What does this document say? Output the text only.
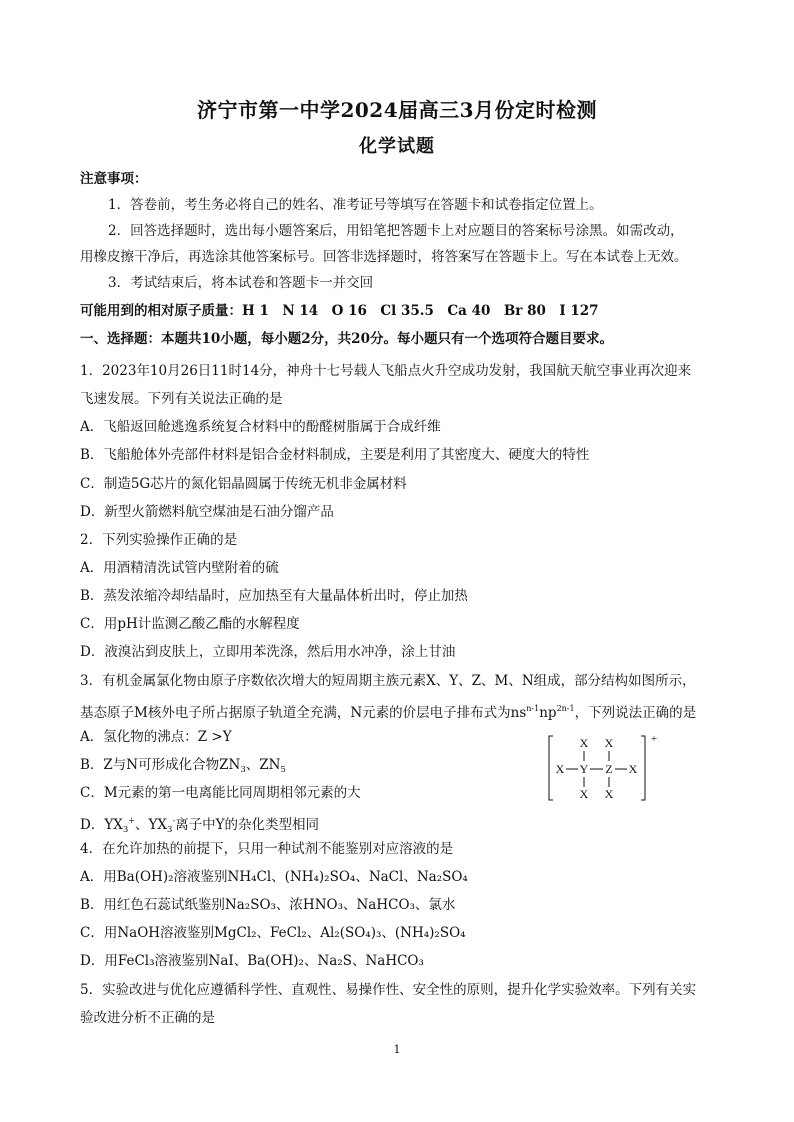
济宁市第一中学2024届高三3月份定时检测
化学试题
注意事项：
1．答卷前，考生务必将自己的姓名、准考证号等填写在答题卡和试卷指定位置上。
2．回答选择题时，选出每小题答案后，用铅笔把答题卡上对应题目的答案标号涂黑。如需改动，
用橡皮擦干净后，再选涂其他答案标号。回答非选择题时，将答案写在答题卡上。写在本试卷上无效。
3．考试结束后，将本试卷和答题卡一并交回
可能用到的相对原子质量：H 1　N 14　O 16　Cl 35.5　Ca 40　Br 80　I 127
一、选择题：本题共10小题，每小题2分，共20分。每小题只有一个选项符合题目要求。
1．2023年10月26日11时14分，神舟十七号载人飞船点火升空成功发射，我国航天航空事业再次迎来
飞速发展。下列有关说法正确的是
A．飞船返回舱逃逸系统复合材料中的酚醛树脂属于合成纤维
B．飞船舱体外壳部件材料是铝合金材料制成，主要是利用了其密度大、硬度大的特性
C．制造5G芯片的氮化铝晶圆属于传统无机非金属材料
D．新型火箭燃料航空煤油是石油分馏产品
2．下列实验操作正确的是
A．用酒精清洗试管内壁附着的硫
B．蒸发浓缩冷却结晶时，应加热至有大量晶体析出时，停止加热
C．用pH计监测乙酸乙酯的水解程度
D．液溴沾到皮肤上，立即用苯洗涤，然后用水冲净，涂上甘油
3．有机金属氯化物由原子序数依次增大的短周期主族元素X、Y、Z、M、N组成，部分结构如图所示，
基态原子M核外电子所占据原子轨道全充满，N元素的价层电子排布式为$ns^{n-1}np^{2n-1}$，下列说法正确的是
A．氢化物的沸点：Z >Y
B．Z与N可形成化合物$ZN_3$、$ZN_5$
C．M元素的第一电离能比同周期相邻元素的大
D．$YX_3^+$、$YX_3^-$离子中Y的杂化类型相同
X X
X Y Z X
X X
+
4．在允许加热的前提下，只用一种试剂不能鉴别对应溶液的是
A．用Ba(OH)₂溶液鉴别NH₄Cl、(NH₄)₂SO₄、NaCl、Na₂SO₄
B．用红色石蕊试纸鉴别Na₂SO₃、浓HNO₃、NaHCO₃、氯水
C．用NaOH溶液鉴别MgCl₂、FeCl₂、Al₂(SO₄)₃、(NH₄)₂SO₄
D．用FeCl₃溶液鉴别NaI、Ba(OH)₂、Na₂S、NaHCO₃
5．实验改进与优化应遵循科学性、直观性、易操作性、安全性的原则，提升化学实验效率。下列有关实
验改进分析不正确的是
1
